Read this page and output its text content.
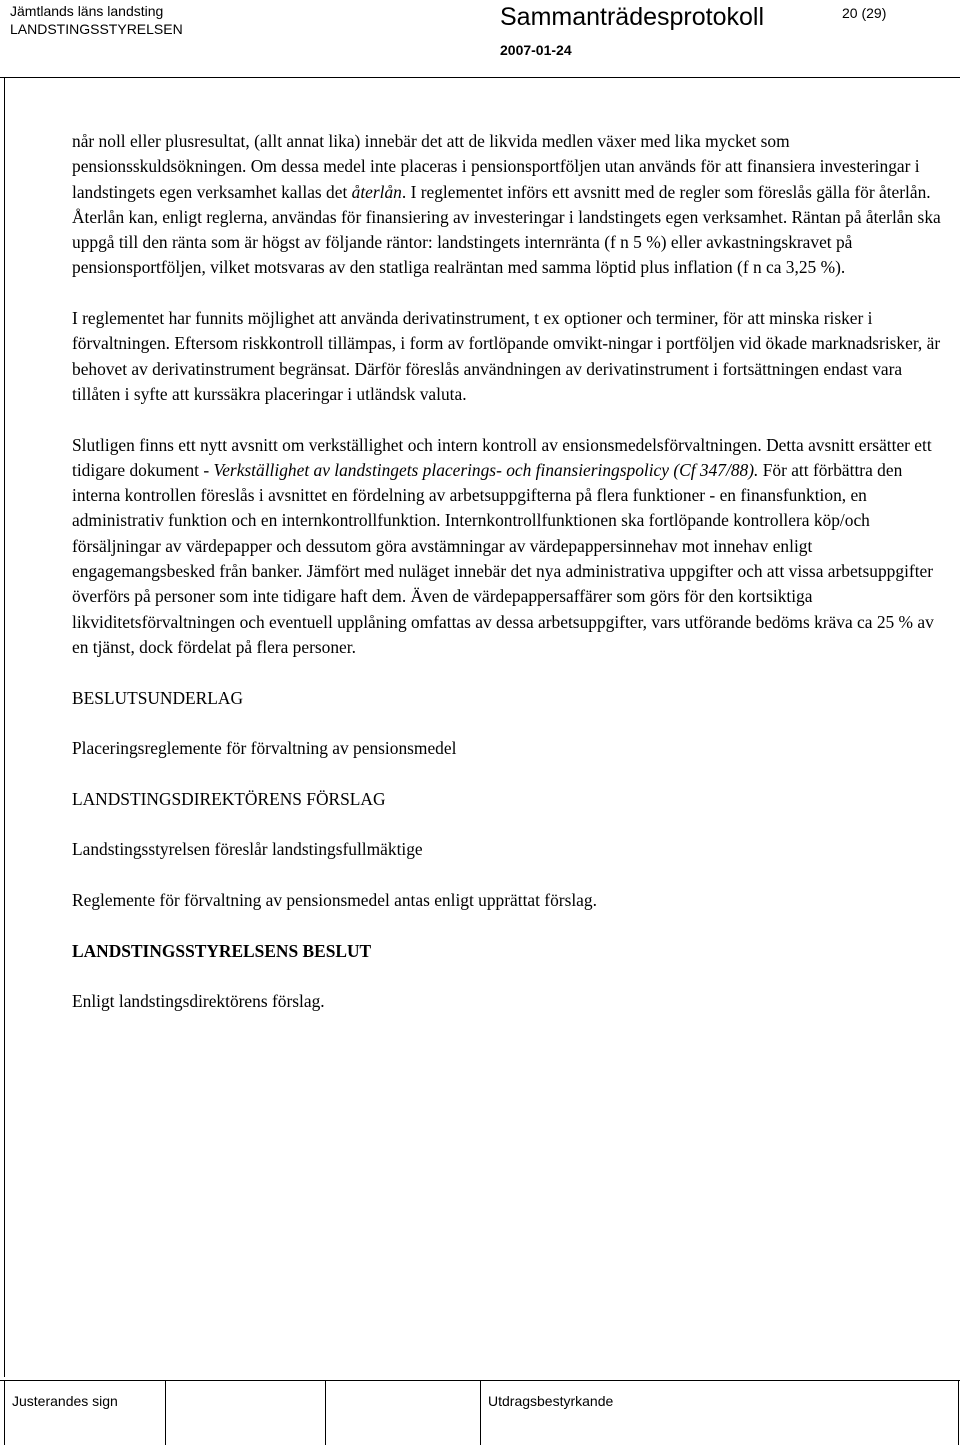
Jämtlands läns landsting
LANDSTINGSSTYRELSEN	Sammanträdesprotokoll
2007-01-24
20 (29)

når noll eller plusresultat, (allt annat lika) innebär det att de likvida medlen växer med lika mycket som pensionsskuldsökningen. Om dessa medel inte placeras i pensionsportföljen utan används för att finansiera investeringar i landstingets egen verksamhet kallas det återlån. I reglementet införs ett avsnitt med de regler som föreslås gälla för återlån. Återlån kan, enligt reglerna, användas för finansiering av investeringar i landstingets egen verksamhet. Räntan på återlån ska uppgå till den ränta som är högst av följande räntor: landstingets internränta (f n 5 %) eller avkastningskravet på pensionsportföljen, vilket motsvaras av den statliga realräntan med samma löptid plus inflation (f n ca 3,25 %).

I reglementet har funnits möjlighet att använda derivatinstrument, t ex optioner och terminer, för att minska risker i förvaltningen. Eftersom riskkontroll tillämpas, i form av fortlöpande omvikt-ningar i portföljen vid ökade marknadsrisker, är behovet av derivatinstrument begränsat. Därför föreslås användningen av derivatinstrument i fortsättningen endast vara tillåten i syfte att kurssäkra placeringar i utländsk valuta.

Slutligen finns ett nytt avsnitt om verkställighet och intern kontroll av ensionsmedelsförvaltningen. Detta avsnitt ersätter ett tidigare dokument - Verkställighet av landstingets placerings- och finansieringspolicy (Cf 347/88). För att förbättra den interna kontrollen föreslås i avsnittet en fördelning av arbetsuppgifterna på flera funktioner - en finansfunktion, en administrativ funktion och en internkontrollfunktion. Internkontrollfunktionen ska fortlöpande kontrollera köp/och försäljningar av värdepapper och dessutom göra avstämningar av värdepappersinnehav mot innehav enligt engagemangsbesked från banker. Jämfört med nuläget innebär det nya administrativa uppgifter och att vissa arbetsuppgifter överförs på personer som inte tidigare haft dem. Även de värdepappersaffärer som görs för den kortsiktiga likviditetsförvaltningen och eventuell upplåning omfattas av dessa arbetsuppgifter, vars utförande bedöms kräva ca 25 % av en tjänst, dock fördelat på flera personer.

BESLUTSUNDERLAG

Placeringsreglemente för förvaltning av pensionsmedel

LANDSTINGSDIREKTÖRENS FÖRSLAG

Landstingsstyrelsen föreslår landstingsfullmäktige

Reglemente för förvaltning av pensionsmedel antas enligt upprättat förslag.

LANDSTINGSSTYRELSENS BESLUT

Enligt landstingsdirektörens förslag.

Justerandes sign	Utdragsbestyrkande
